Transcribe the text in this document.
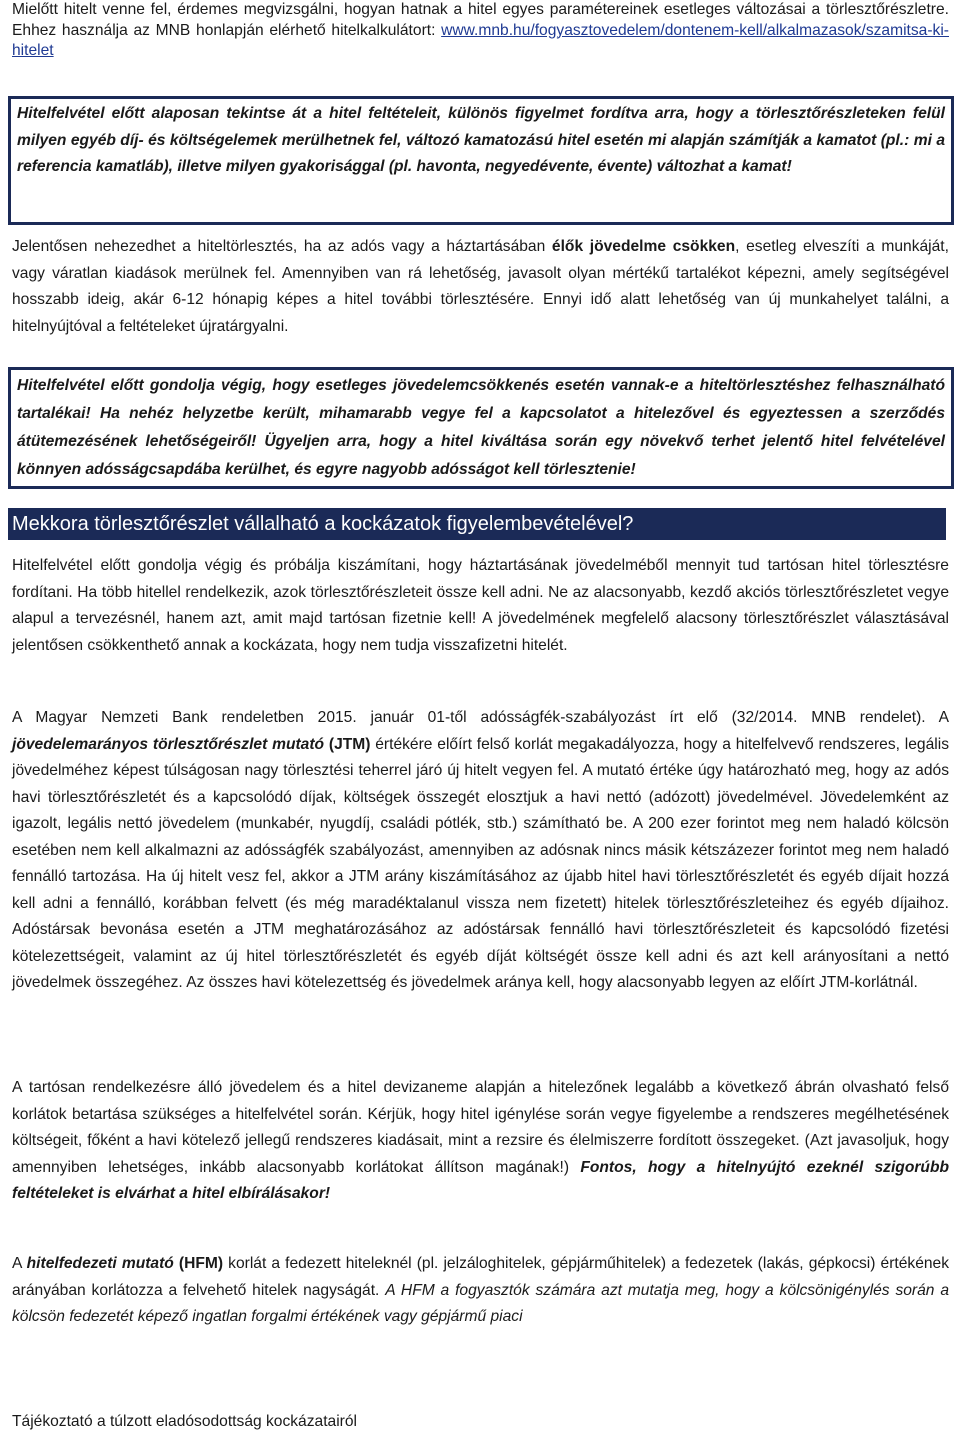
Mielőtt hitelt venne fel, érdemes megvizsgálni, hogyan hatnak a hitel egyes paramétereinek esetleges változásai a törlesztőrészletre. Ehhez használja az MNB honlapján elérhető hitelkalkulátort: www.mnb.hu/fogyasztovedelem/dontenem-kell/alkalmazasok/szamitsa-ki-hitelet

Hitelfelvétel előtt alaposan tekintse át a hitel feltételeit, különös figyelmet fordítva arra, hogy a törlesztőrészleteken felül milyen egyéb díj- és költségelemek merülhetnek fel, változó kamatozású hitel esetén mi alapján számítják a kamatot (pl.: mi a referencia kamatláb), illetve milyen gyakorisággal (pl. havonta, negyedévente, évente) változhat a kamat!

Jelentősen nehezedhet a hiteltörlesztés, ha az adós vagy a háztartásában élők jövedelme csökken, esetleg elveszíti a munkáját, vagy váratlan kiadások merülnek fel. Amennyiben van rá lehetőség, javasolt olyan mértékű tartalékot képezni, amely segítségével hosszabb ideig, akár 6-12 hónapig képes a hitel további törlesztésére. Ennyi idő alatt lehetőség van új munkahelyet találni, a hitelnyújtóval a feltételeket újratárgyalni.

Hitelfelvétel előtt gondolja végig, hogy esetleges jövedelemcsökkenés esetén vannak-e a hiteltörlesztéshez felhasználható tartalékai! Ha nehéz helyzetbe került, mihamarabb vegye fel a kapcsolatot a hitelezővel és egyeztessen a szerződés átütemezésének lehetőségeiről! Ügyeljen arra, hogy a hitel kiváltása során egy növekvő terhet jelentő hitel felvételével könnyen adósságcsapdába kerülhet, és egyre nagyobb adósságot kell törlesztenie!
Mekkora törlesztőrészlet vállalható a kockázatok figyelembevételével?

Hitelfelvétel előtt gondolja végig és próbálja kiszámítani, hogy háztartásának jövedelméből mennyit tud tartósan hitel törlesztésre fordítani. Ha több hitellel rendelkezik, azok törlesztőrészleteit össze kell adni. Ne az alacsonyabb, kezdő akciós törlesztőrészletet vegye alapul a tervezésnél, hanem azt, amit majd tartósan fizetnie kell! A jövedelmének megfelelő alacsony törlesztőrészlet választásával jelentősen csökkenthető annak a kockázata, hogy nem tudja visszafizetni hitelét.

A Magyar Nemzeti Bank rendeletben 2015. január 01-től adósságfék-szabályozást írt elő (32/2014. MNB rendelet). A jövedelemarányos törlesztőrészlet mutató (JTM) értékére előírt felső korlát megakadályozza, hogy a hitelfelvevő rendszeres, legális jövedelméhez képest túlságosan nagy törlesztési teherrel járó új hitelt vegyen fel. A mutató értéke úgy határozható meg, hogy az adós havi törlesztőrészletét és a kapcsolódó díjak, költségek összegét elosztjuk a havi nettó (adózott) jövedelmével. Jövedelemként az igazolt, legális nettó jövedelem (munkabér, nyugdíj, családi pótlék, stb.) számítható be. A 200 ezer forintot meg nem haladó kölcsön esetében nem kell alkalmazni az adósságfék szabályozást, amennyiben az adósnak nincs másik kétszázezer forintot meg nem haladó fennálló tartozása. Ha új hitelt vesz fel, akkor a JTM arány kiszámításához az újabb hitel havi törlesztőrészletét és egyéb díjait hozzá kell adni a fennálló, korábban felvett (és még maradéktalanul vissza nem fizetett) hitelek törlesztőrészleteihez és egyéb díjaihoz. Adóstársak bevonása esetén a JTM meghatározásához az adóstársak fennálló havi törlesztőrészleteit és kapcsolódó fizetési kötelezettségeit, valamint az új hitel törlesztőrészletét és egyéb díját költségét össze kell adni és azt kell arányosítani a nettó jövedelmek összegéhez. Az összes havi kötelezettség és jövedelmek aránya kell, hogy alacsonyabb legyen az előírt JTM-korlátnál.

A tartósan rendelkezésre álló jövedelem és a hitel devizaneme alapján a hitelezőnek legalább a következő ábrán olvasható felső korlátok betartása szükséges a hitelfelvétel során. Kérjük, hogy hitel igénylése során vegye figyelembe a rendszeres megélhetésének költségeit, főként a havi kötelező jellegű rendszeres kiadásait, mint a rezsire és élelmiszerre fordított összegeket. (Azt javasoljuk, hogy amennyiben lehetséges, inkább alacsonyabb korlátokat állítson magának!) Fontos, hogy a hitelnyújtó ezeknél szigorúbb feltételeket is elvárhat a hitel elbírálásakor!

A hitelfedezeti mutató (HFM) korlát a fedezett hiteleknél (pl. jelzáloghitelek, gépjárműhitelek) a fedezetek (lakás, gépkocsi) értékének arányában korlátozza a felvehető hitelek nagyságát. A HFM a fogyasztók számára azt mutatja meg, hogy a kölcsönigénylés során a kölcsön fedezetét képező ingatlan forgalmi értékének vagy gépjármű piaci

Tájékoztató a túlzott eladósodottság kockázatairól
